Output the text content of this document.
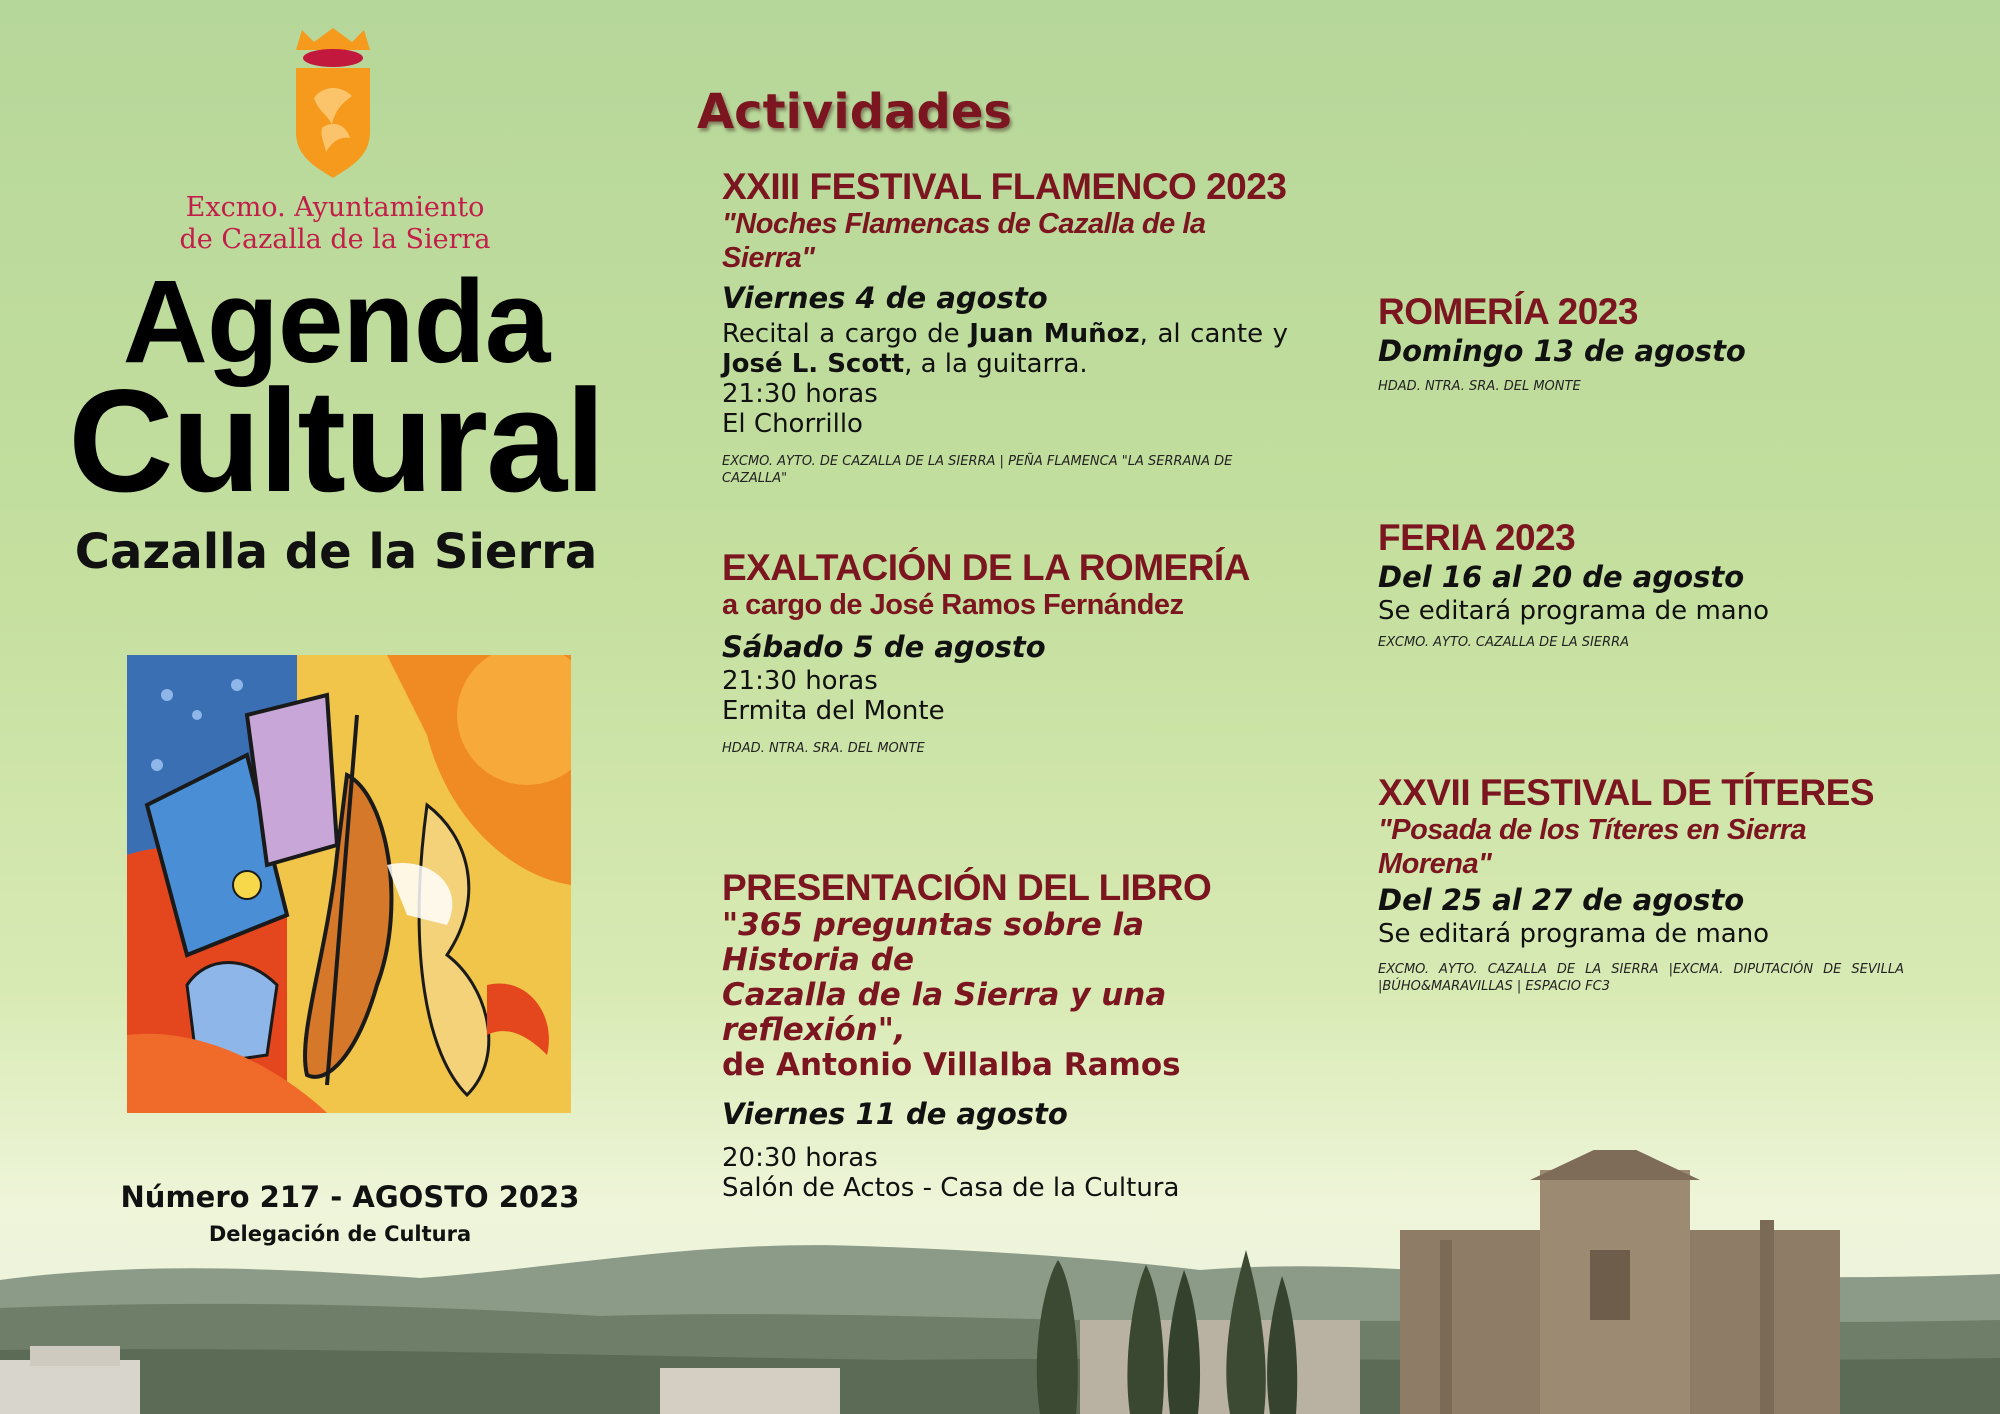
Excmo. Ayuntamiento
de Cazalla de la Sierra
Agenda
Cultural
Cazalla de la Sierra
Número 217 - AGOSTO 2023
Delegación de Cultura
Actividades
XXIII FESTIVAL FLAMENCO 2023
"Noches Flamencas de Cazalla de la Sierra"
Viernes 4 de agosto
Recital a cargo de Juan Muñoz, al cante y José L. Scott, a la guitarra.
21:30 horas
El Chorrillo
EXCMO. AYTO. DE CAZALLA DE LA SIERRA | PEÑA FLAMENCA "LA SERRANA DE CAZALLA"
EXALTACIÓN DE LA ROMERÍA
a cargo de José Ramos Fernández
Sábado 5 de agosto
21:30 horas
Ermita del Monte
HDAD. NTRA. SRA. DEL MONTE
PRESENTACIÓN DEL LIBRO
"365 preguntas sobre la Historia de
Cazalla de la Sierra y una reflexión",
de Antonio Villalba Ramos
Viernes 11 de agosto
20:30 horas
Salón de Actos - Casa de la Cultura
ROMERÍA 2023
Domingo 13 de agosto
HDAD. NTRA. SRA. DEL MONTE
FERIA 2023
Del 16 al 20 de agosto
Se editará programa de mano
EXCMO. AYTO. CAZALLA DE LA SIERRA
XXVII FESTIVAL DE TÍTERES
"Posada de los Títeres en Sierra Morena"
Del 25 al 27 de agosto
Se editará programa de mano
EXCMO. AYTO. CAZALLA DE LA SIERRA |EXCMA. DIPUTACIÓN DE SEVILLA |BÚHO&MARAVILLAS | ESPACIO FC3
